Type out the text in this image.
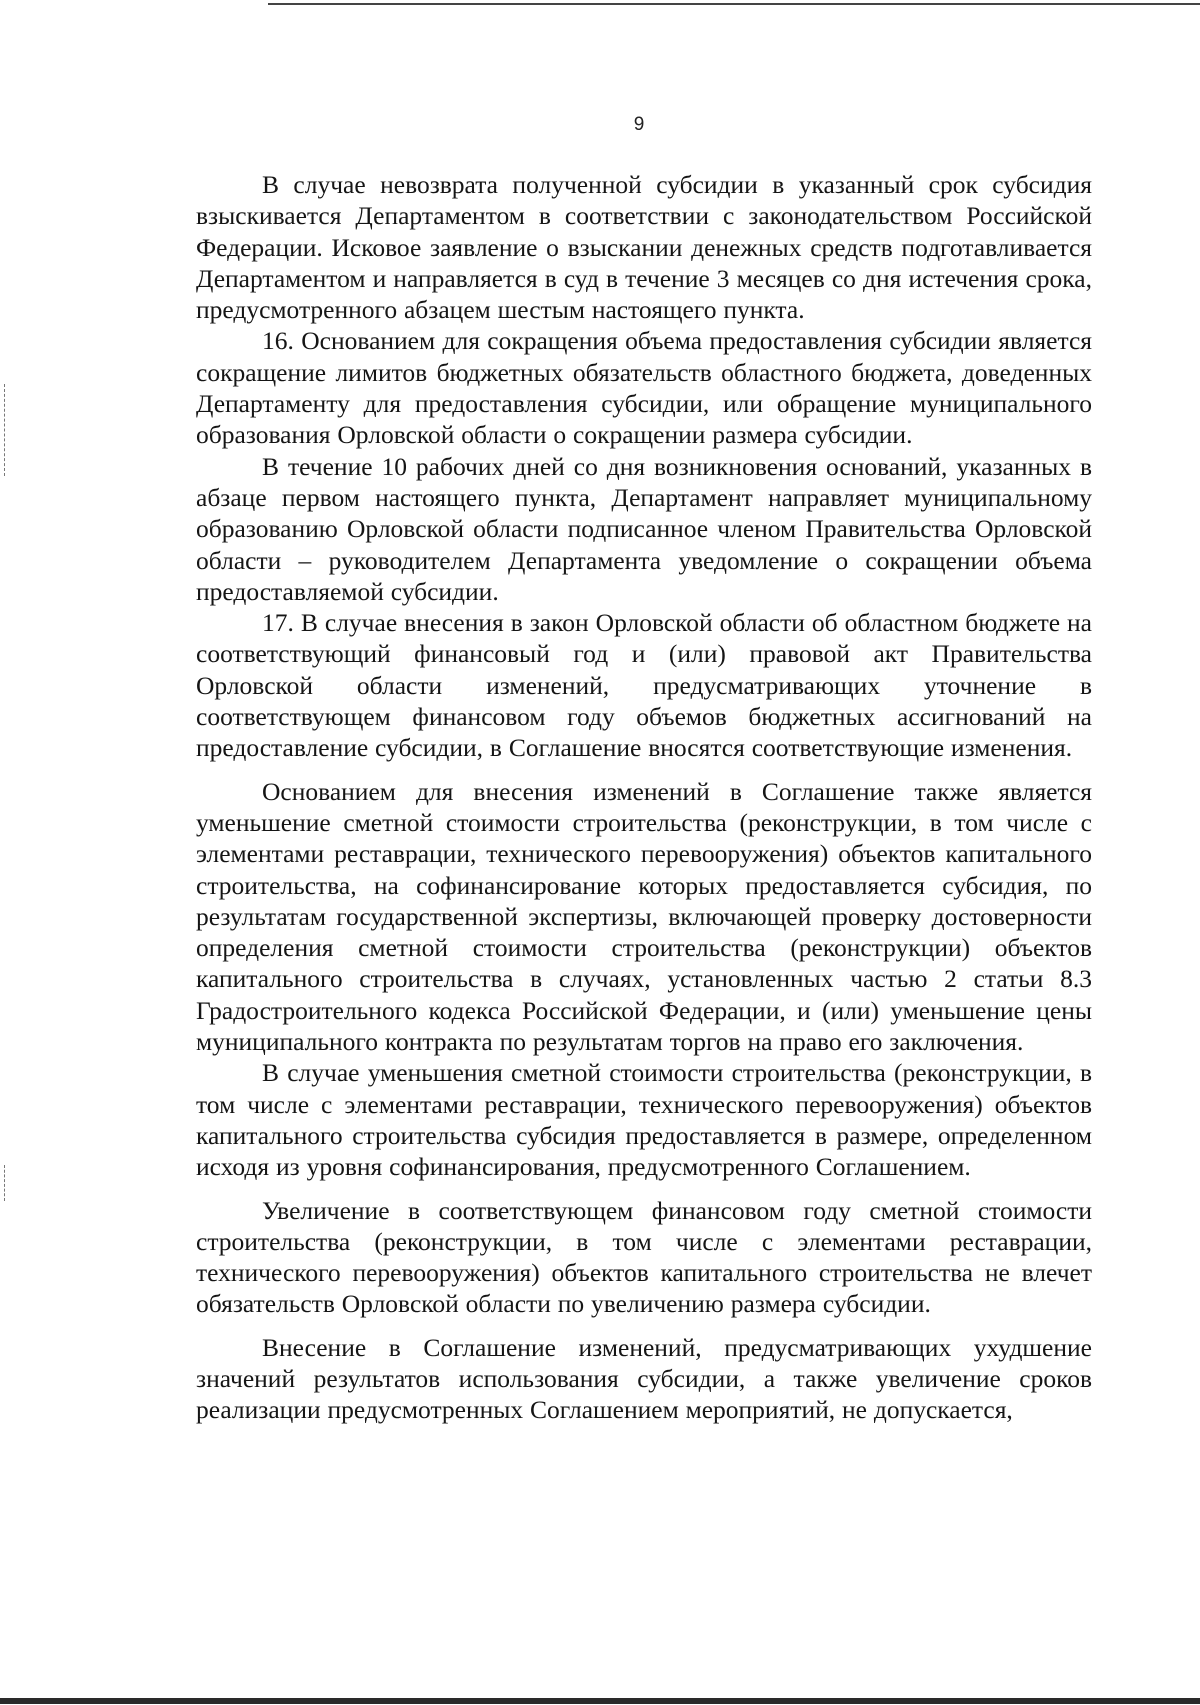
9

В случае невозврата полученной субсидии в указанный срок субсидия взыскивается Департаментом в соответствии с законодательством Российской Федерации. Исковое заявление о взыскании денежных средств подготавливается Департаментом и направляется в суд в течение 3 месяцев со дня истечения срока, предусмотренного абзацем шестым настоящего пункта.

16. Основанием для сокращения объема предоставления субсидии является сокращение лимитов бюджетных обязательств областного бюджета, доведенных Департаменту для предоставления субсидии, или обращение муниципального образования Орловской области о сокращении размера субсидии.

В течение 10 рабочих дней со дня возникновения оснований, указанных в абзаце первом настоящего пункта, Департамент направляет муниципальному образованию Орловской области подписанное членом Правительства Орловской области – руководителем Департамента уведомление о сокращении объема предоставляемой субсидии.

17. В случае внесения в закон Орловской области об областном бюджете на соответствующий финансовый год и (или) правовой акт Правительства Орловской области изменений, предусматривающих уточнение в соответствующем финансовом году объемов бюджетных ассигнований на предоставление субсидии, в Соглашение вносятся соответствующие изменения.

Основанием для внесения изменений в Соглашение также является уменьшение сметной стоимости строительства (реконструкции, в том числе с элементами реставрации, технического перевооружения) объектов капитального строительства, на софинансирование которых предоставляется субсидия, по результатам государственной экспертизы, включающей проверку достоверности определения сметной стоимости строительства (реконструкции) объектов капитального строительства в случаях, установленных частью 2 статьи 8.3 Градостроительного кодекса Российской Федерации, и (или) уменьшение цены муниципального контракта по результатам торгов на право его заключения.

В случае уменьшения сметной стоимости строительства (реконструкции, в том числе с элементами реставрации, технического перевооружения) объектов капитального строительства субсидия предоставляется в размере, определенном исходя из уровня софинансирования, предусмотренного Соглашением.

Увеличение в соответствующем финансовом году сметной стоимости строительства (реконструкции, в том числе с элементами реставрации, технического перевооружения) объектов капитального строительства не влечет обязательств Орловской области по увеличению размера субсидии.

Внесение в Соглашение изменений, предусматривающих ухудшение значений результатов использования субсидии, а также увеличение сроков реализации предусмотренных Соглашением мероприятий, не допускается,
